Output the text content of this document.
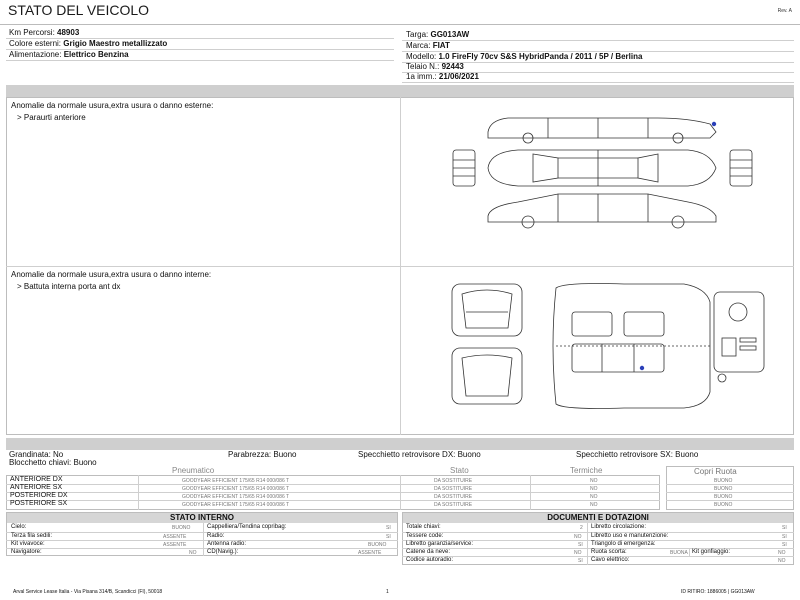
STATO DEL VEICOLO	Rev. A
Km Percorsi: 48903
Colore esterni: Grigio Maestro metallizzato
Alimentazione: Elettrico Benzina
Targa: GG013AW
Marca: FIAT
Modello: 1.0 FireFly 70cv S&S HybridPanda / 2011 / 5P / Berlina
Telaio N.: 92443
1a imm.: 21/06/2021
Anomalie da normale usura,extra usura o danno esterne:
> Paraurti anteriore
Anomalie da normale usura,extra usura o danno interne:
> Battuta interna porta ant dx
Grandinata: No	Parabrezza: Buono	Specchietto retrovisore DX: Buono	Specchietto retrovisore SX: Buono
Blocchetto chiavi: Buono
Pneumatico	Stato	Termiche	Copri Ruota
ANTERIORE DX	GOODYEAR EFFICIENT 175/65 R14 000/086 T	DA SOSTITUIRE	NO	BUONO
ANTERIORE SX	GOODYEAR EFFICIENT 175/65 R14 000/086 T	DA SOSTITUIRE	NO	BUONO
POSTERIORE DX	GOODYEAR EFFICIENT 175/65 R14 000/086 T	DA SOSTITUIRE	NO	BUONO
POSTERIORE SX	GOODYEAR EFFICIENT 175/65 R14 000/086 T	DA SOSTITUIRE	NO	BUONO
STATO INTERNO
Cielo:	BUONO	Cappelliera/Tendina copribag:	SI
Terza fila sedili:	ASSENTE	Radio:	SI
Kit vivavoce:	ASSENTE	Antenna radio:	BUONO
Navigatore:	NO CD(Navig.):	ASSENTE
DOCUMENTI E DOTAZIONI
Totale chiavi:	2 Libretto circolazione:	SI
Tessere code:	NO Libretto uso e manutenzione:	SI
Libretto garanzia/service:	SI Triangolo di emergenza:	SI
Catene da neve:	NO Ruota scorta:	BUONA Kit gonfiaggio:	NO
Codice autoradio:	SI Cavo elettrico:	NO
Arval Service Lease Italia - Via Pisana 314/B, Scandicci (FI), 50018	1	ID RITIRO: 1886005 | GG013AW
